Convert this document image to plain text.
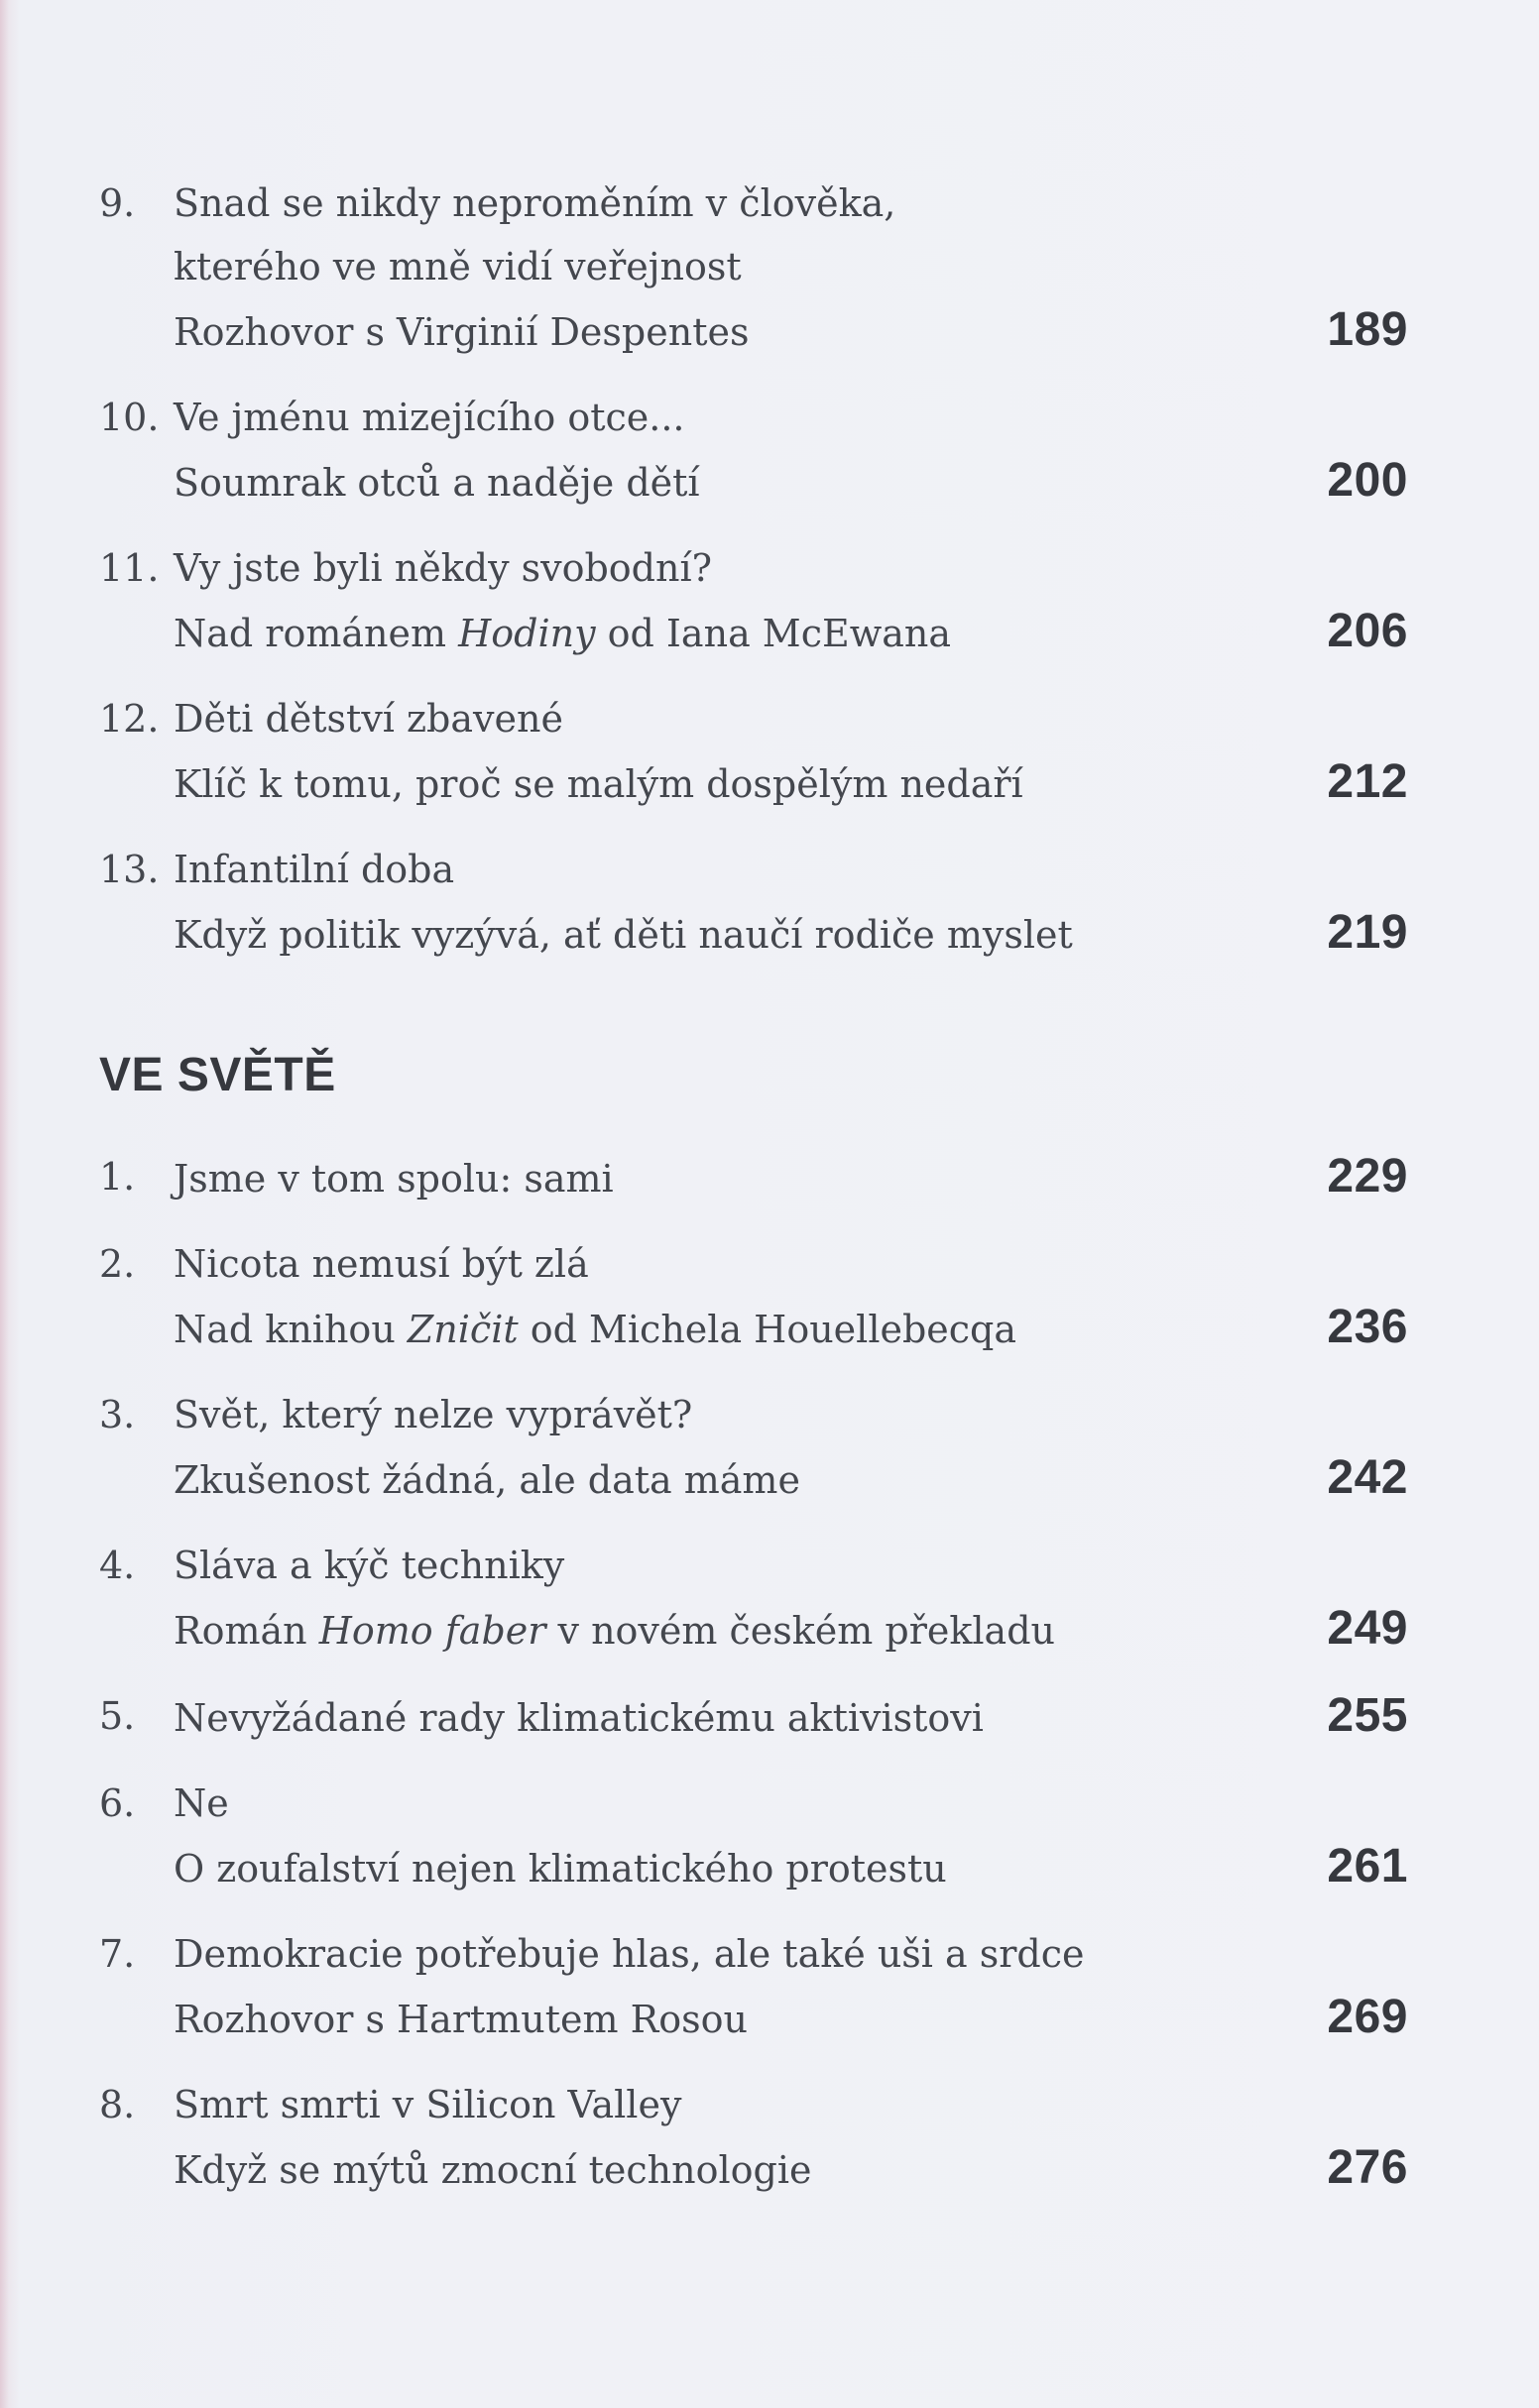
9.	Snad se nikdy neproměním v člověka,
kterého ve mně vidí veřejnost
Rozhovor s Virginií Despentes	189
10. Ve jménu mizejícího otce...
Soumrak otců a naděje dětí	200
11. Vy jste byli někdy svobodní?
Nad románem Hodiny od Iana McEwana	206
12. Děti dětství zbavené
Klíč k tomu, proč se malým dospělým nedaří	212
13. Infantilní doba
Když politik vyzývá, ať děti naučí rodiče myslet	219
VE SVĚTĚ
1.	Jsme v tom spolu: sami	229
2.	Nicota nemusí být zlá
Nad knihou Zničit od Michela Houellebecqa	236
3.	Svět, který nelze vyprávět?
Zkušenost žádná, ale data máme	242
4.	Sláva a kýč techniky
Román Homo faber v novém českém překladu	249
5.	Nevyžádané rady klimatickému aktivistovi	255
6.	Ne
O zoufalství nejen klimatického protestu	261
7.	Demokracie potřebuje hlas, ale také uši a srdce
Rozhovor s Hartmutem Rosou	269
8.	Smrt smrti v Silicon Valley
Když se mýtů zmocní technologie	276
